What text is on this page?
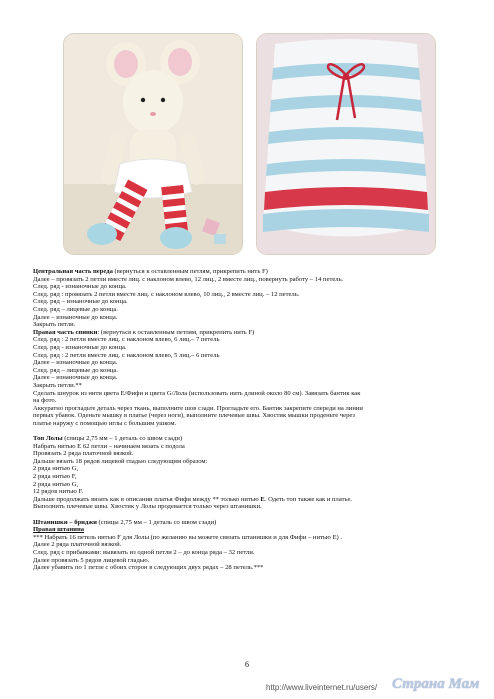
Центральная часть переда (вернуться к оставленным петлям, прикрепить нить F)

Далее – провязать 2 петли вместе лиц. с наклоном влево, 12 лиц., 2 вместе лиц., повернуть работу – 14 петель.

След. ряд - изнаночные до конца.

След. ряд : провязать 2 петли вместе лиц. с наклоном влево, 10 лиц., 2 вместе лиц. – 12 петель.

След. ряд – изнаночные до конца.

След. ряд – лицевые до конца.

Далее – изнаночные до конца.

Закрыть петли.

Правая часть спинки: (вернуться к оставленным петлям, прикрепить нить F)

След. ряд : 2 петли вместе лиц. с наклоном влево, 6 лиц.– 7 петель

След. ряд - изнаночные до конца.

След. ряд : 2 петли вместе лиц. с наклоном влево, 5 лиц.– 6 петель

Далее – изнаночные до конца.

След. ряд – лицевые до конца.

Далее – изнаночные до конца.

Закрыть петли.**

Сделать шнурок из нити цвета E/Фифи и цвета G/Лола (использовать нить длиной около 80 см). Завязать бантик как

на фото.

Аккуратно прогладьте деталь через ткань, выполните шов сзади. Прогладьте его. Бантик закрепите спереди на линии

первых убавок. Оденьте мышку в платье (через ноги), выполните плечевые швы. Хвостик мышки проденьте через

платье наружу с помощью иглы с большим ушком.

Топ Лолы (спицы 2,75 мм – 1 деталь со швом сзади)

Набрать нитью E 62 петли – начинаем вязать с подола

Провязать 2 ряда платочной вязкой.

Дальше вязать 18 рядов лицевой гладью следующим образом:

2 ряда нитью G,

2 ряда нитью F,

2 ряда нитью G,

12 рядов нитью F.

Дальше продолжать вязать как в описании платья Фифи между ** только нитью E. Одеть топ также как и платье.

Выполнить плечевые швы. Хвостик у Лолы продевается только через штанишки.

Штанишки – бриджи (спицы 2,75 мм – 1 деталь со швом сзади)

Правая штанина

*** Набрать 16 петель нитью F для Лолы (по желанию вы можете связать штанишки и для Фифи – нитью E) .

Далее 2 ряда платочной вязкой.

След. ряд с прибавками: вывязать из одной петли 2 – до конца ряда – 32 петли.

Далее провязать 5 рядов лицевой гладью.

Далее убавить по 1 петле с обоих сторон в следующих двух рядах – 28 петель.***

6
http://www.liveinternet.ru/users/ Страна Мам
